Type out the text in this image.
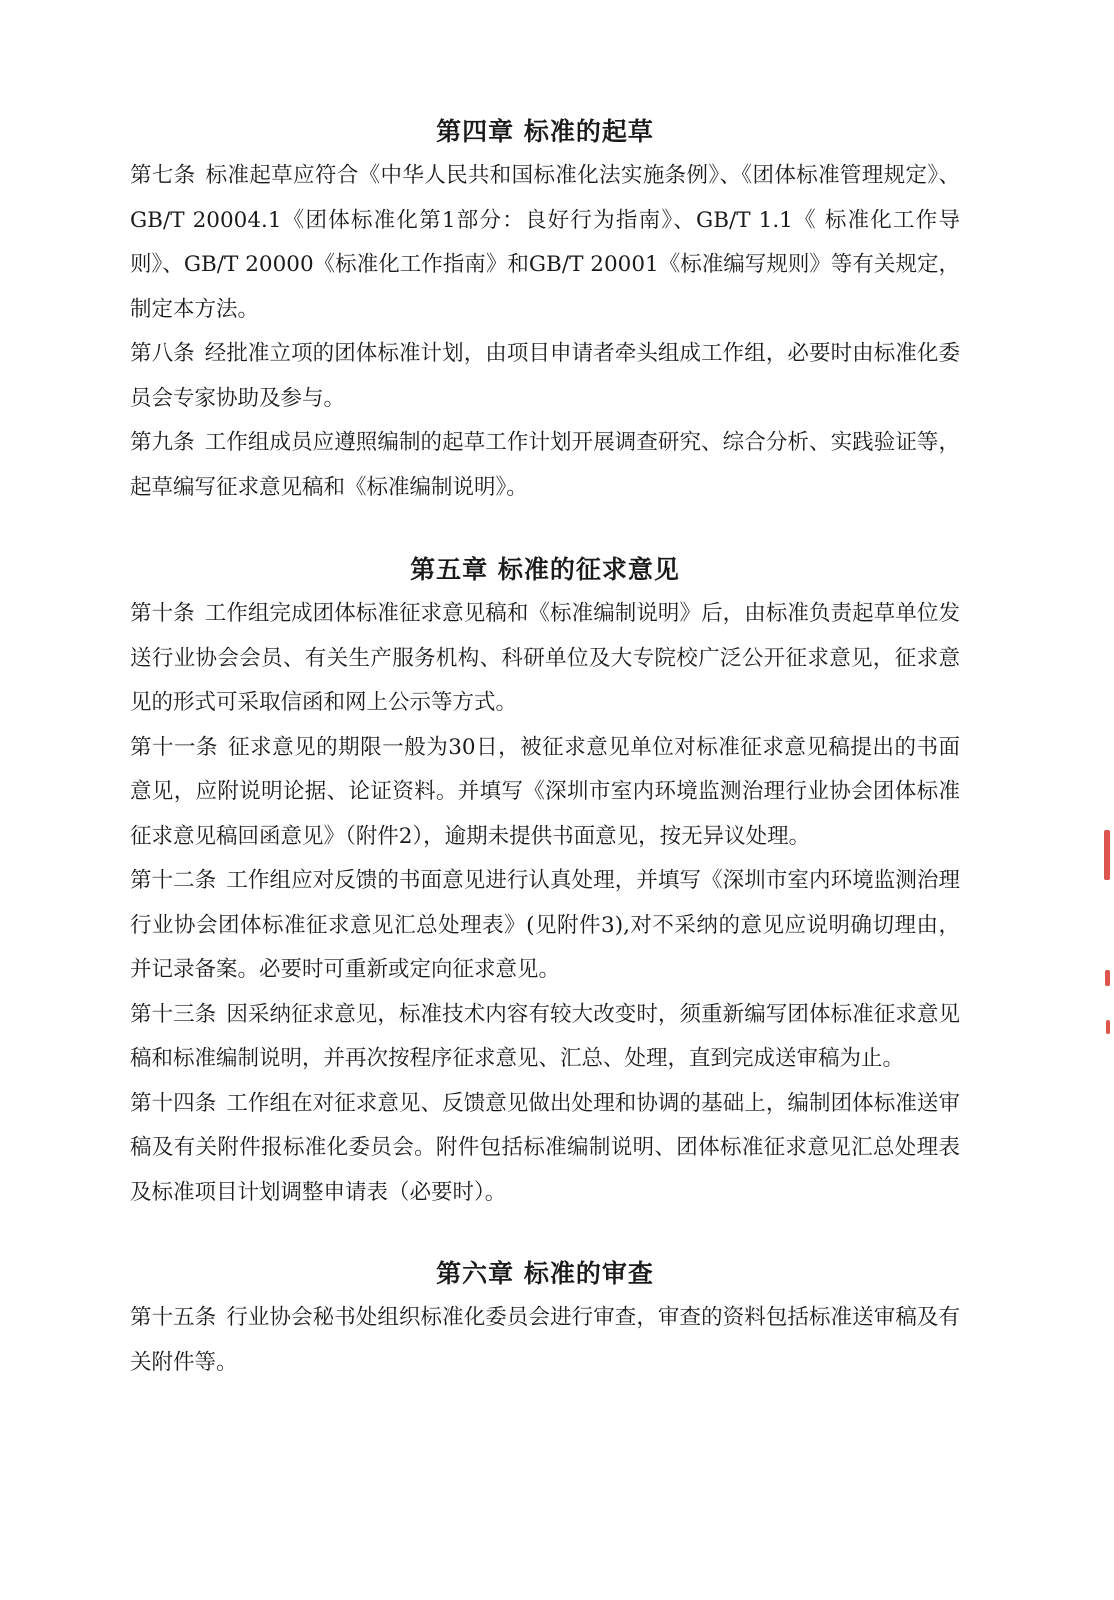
第四章 标准的起草

第七条 标准起草应符合《中华人民共和国标准化法实施条例》、《团体标准管理规定》、GB/T 20004.1《团体标准化第1部分：良好行为指南》、GB/T 1.1《 标准化工作导则》、GB/T 20000《标准化工作指南》和GB/T 20001《标准编写规则》等有关规定，制定本方法。

第八条 经批准立项的团体标准计划，由项目申请者牵头组成工作组，必要时由标准化委员会专家协助及参与。

第九条 工作组成员应遵照编制的起草工作计划开展调查研究、综合分析、实践验证等，起草编写征求意见稿和《标准编制说明》。

第五章 标准的征求意见

第十条 工作组完成团体标准征求意见稿和《标准编制说明》后，由标准负责起草单位发送行业协会会员、有关生产服务机构、科研单位及大专院校广泛公开征求意见，征求意见的形式可采取信函和网上公示等方式。

第十一条 征求意见的期限一般为30日，被征求意见单位对标准征求意见稿提出的书面意见，应附说明论据、论证资料。并填写《深圳市室内环境监测治理行业协会团体标准征求意见稿回函意见》（附件2），逾期未提供书面意见，按无异议处理。

第十二条 工作组应对反馈的书面意见进行认真处理，并填写《深圳市室内环境监测治理行业协会团体标准征求意见汇总处理表》(见附件3),对不采纳的意见应说明确切理由，并记录备案。必要时可重新或定向征求意见。

第十三条 因采纳征求意见，标准技术内容有较大改变时，须重新编写团体标准征求意见稿和标准编制说明，并再次按程序征求意见、汇总、处理，直到完成送审稿为止。

第十四条 工作组在对征求意见、反馈意见做出处理和协调的基础上，编制团体标准送审稿及有关附件报标准化委员会。附件包括标准编制说明、团体标准征求意见汇总处理表及标准项目计划调整申请表（必要时）。

第六章 标准的审查

第十五条 行业协会秘书处组织标准化委员会进行审查，审查的资料包括标准送审稿及有关附件等。
